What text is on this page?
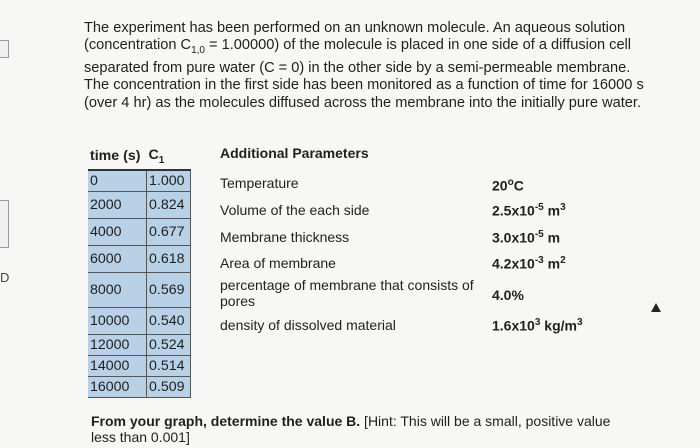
D

The experiment has been performed on an unknown molecule. An aqueous solution (concentration $C_{1,0} = 1.00000$) of the molecule is placed in one side of a diffusion cell separated from pure water (C = 0) in the other side by a semi-permeable membrane. The concentration in the first side has been monitored as a function of time for 16000 s (over 4 hr) as the molecules diffused across the membrane into the initially pure water.

time (s)	$C_1$
0	1.000
2000	0.824
4000	0.677
6000	0.618
8000	0.569
10000	0.540
12000	0.524
14000	0.514
16000	0.509
Additional Parameters
Temperature	20$^o$C
Volume of the each side	$2.5x10^{-5}$ $m^3$
Membrane thickness	$3.0x10^{-5}$ m
Area of membrane	$4.2x10^{-3}$ $m^2$
percentage of membrane that consists of pores	4.0%
density of dissolved material	$1.6x10^3$ $kg/m^3$

From your graph, determine the value B. [Hint: This will be a small, positive value less than 0.001]
